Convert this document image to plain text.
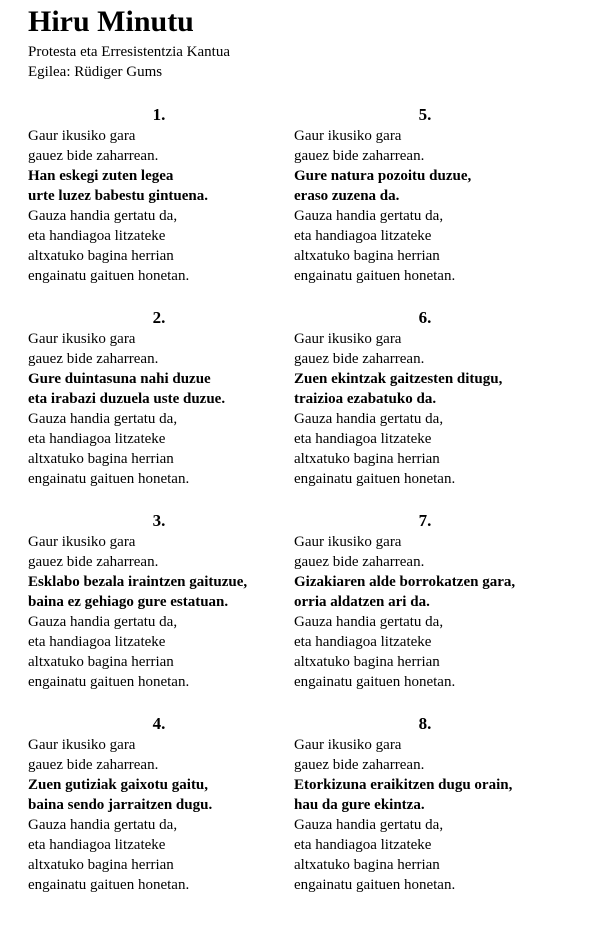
Hiru Minutu
Protesta eta Erresistentzia Kantua
Egilea: Rüdiger Gums
1.
Gaur ikusiko gara
gauez bide zaharrean.
Han eskegi zuten legea
urte luzez babestu gintuena.
Gauza handia gertatu da,
eta handiagoa litzateke
altxatuko bagina herrian
engainatu gaituen honetan.
2.
Gaur ikusiko gara
gauez bide zaharrean.
Gure duintasuna nahi duzue
eta irabazi duzuela uste duzue.
Gauza handia gertatu da,
eta handiagoa litzateke
altxatuko bagina herrian
engainatu gaituen honetan.
3.
Gaur ikusiko gara
gauez bide zaharrean.
Esklabo bezala iraintzen gaituzue,
baina ez gehiago gure estatuan.
Gauza handia gertatu da,
eta handiagoa litzateke
altxatuko bagina herrian
engainatu gaituen honetan.
4.
Gaur ikusiko gara
gauez bide zaharrean.
Zuen gutiziak gaixotu gaitu,
baina sendo jarraitzen dugu.
Gauza handia gertatu da,
eta handiagoa litzateke
altxatuko bagina herrian
engainatu gaituen honetan.
5.
Gaur ikusiko gara
gauez bide zaharrean.
Gure natura pozoitu duzue,
eraso zuzena da.
Gauza handia gertatu da,
eta handiagoa litzateke
altxatuko bagina herrian
engainatu gaituen honetan.
6.
Gaur ikusiko gara
gauez bide zaharrean.
Zuen ekintzak gaitzesten ditugu,
traizioa ezabatuko da.
Gauza handia gertatu da,
eta handiagoa litzateke
altxatuko bagina herrian
engainatu gaituen honetan.
7.
Gaur ikusiko gara
gauez bide zaharrean.
Gizakiaren alde borrokatzen gara,
orria aldatzen ari da.
Gauza handia gertatu da,
eta handiagoa litzateke
altxatuko bagina herrian
engainatu gaituen honetan.
8.
Gaur ikusiko gara
gauez bide zaharrean.
Etorkizuna eraikitzen dugu orain,
hau da gure ekintza.
Gauza handia gertatu da,
eta handiagoa litzateke
altxatuko bagina herrian
engainatu gaituen honetan.
